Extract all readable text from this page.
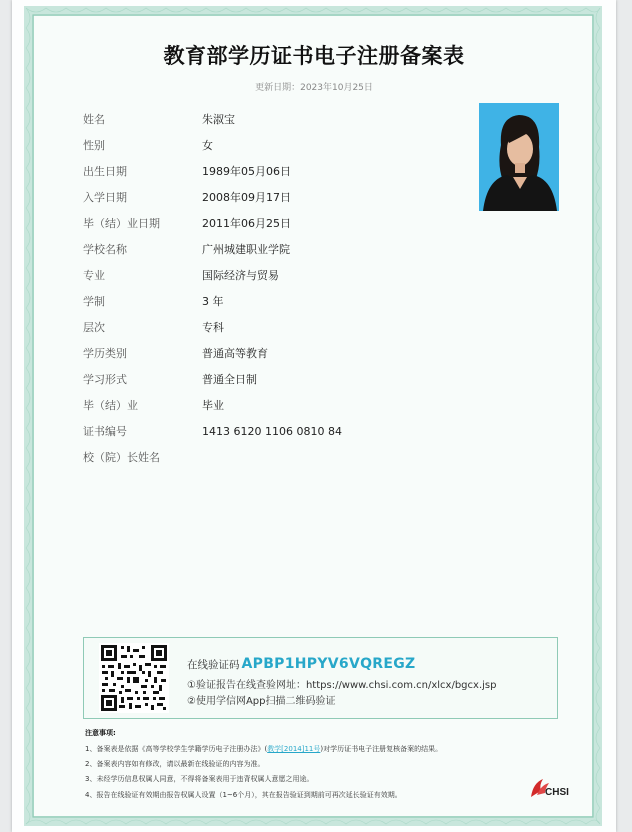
教育部学历证书电子注册备案表
更新日期：2023年10月25日
姓名	朱淑宝
性别	女
出生日期	1989年05月06日
入学日期	2008年09月17日
毕（结）业日期	2011年06月25日
学校名称	广州城建职业学院
专业	国际经济与贸易
学制	3 年
层次	专科
学历类别	普通高等教育
学习形式	普通全日制
毕（结）业	毕业
证书编号	1413 6120 1106 0810 84
校（院）长姓名
在线验证码 APBP1HPYV6VQREGZ
①验证报告在线查验网址：https://www.chsi.com.cn/xlcx/bgcx.jsp
②使用学信网App扫描二维码验证
注意事项:
1、备案表是依据《高等学校学生学籍学历电子注册办法》(教学[2014]11号)对学历证书电子注册复核备案的结果。
2、备案表内容如有修改，请以最新在线验证的内容为准。
3、未经学历信息权属人同意，不得将备案表用于违背权属人意愿之用途。
4、报告在线验证有效期由报告权属人设置（1~6个月），其在报告验证到期前可再次延长验证有效期。	CHSI
